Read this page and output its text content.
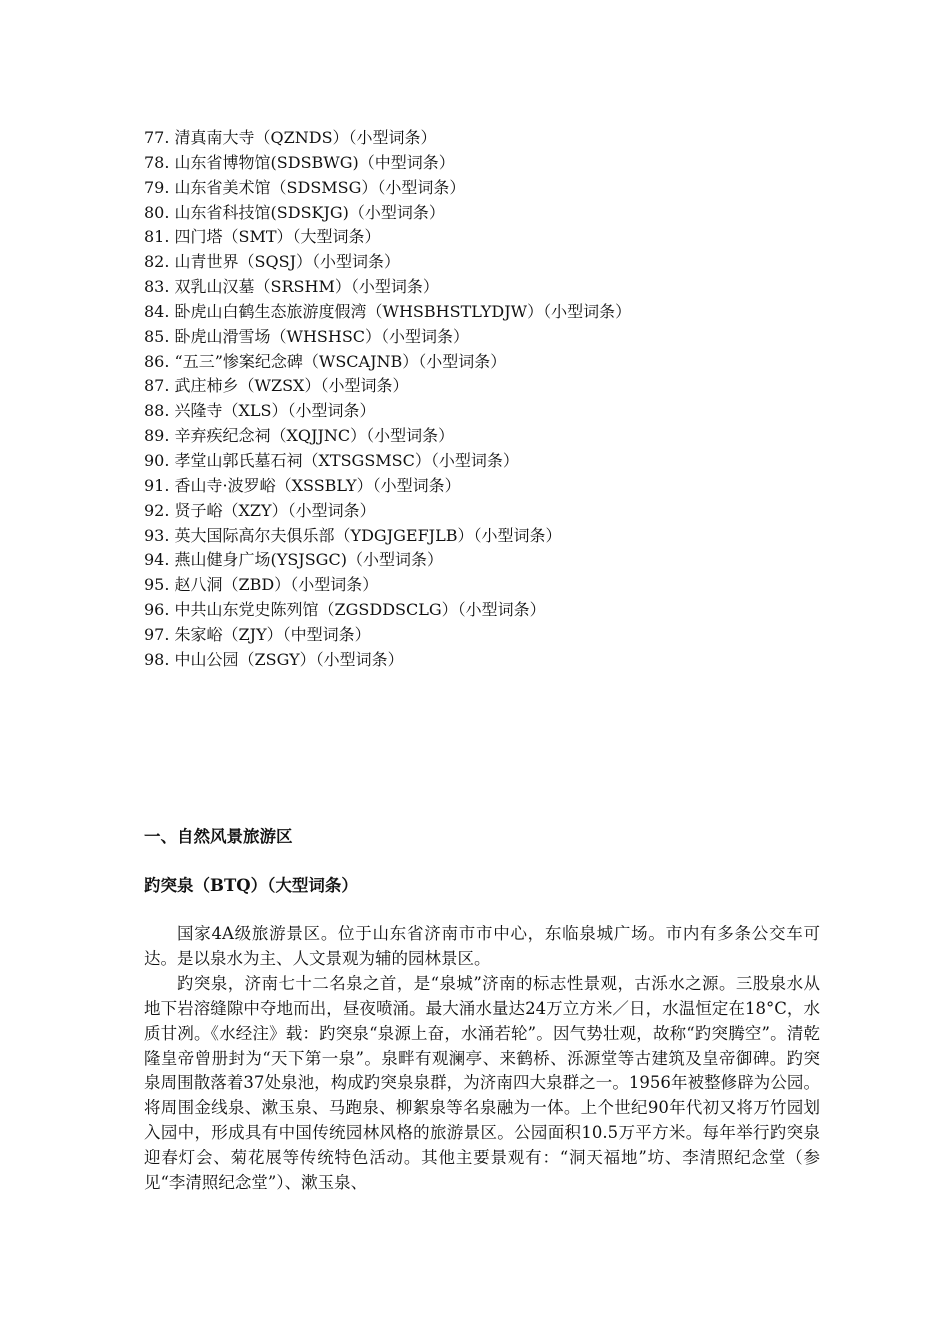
77. 清真南大寺（QZNDS）（小型词条）
78. 山东省博物馆(SDSBWG)（中型词条）
79. 山东省美术馆（SDSMSG）（小型词条）
80. 山东省科技馆(SDSKJG)（小型词条）
81. 四门塔（SMT）（大型词条）
82. 山青世界（SQSJ）（小型词条）
83. 双乳山汉墓（SRSHM）（小型词条）
84. 卧虎山白鹤生态旅游度假湾（WHSBHSTLYDJW）（小型词条）
85. 卧虎山滑雪场（WHSHSC）（小型词条）
86. “五三”惨案纪念碑（WSCAJNB）（小型词条）
87. 武庄柿乡（WZSX）（小型词条）
88. 兴隆寺（XLS）（小型词条）
89. 辛弃疾纪念祠（XQJJNC）（小型词条）
90. 孝堂山郭氏墓石祠（XTSGSMSC）（小型词条）
91. 香山寺·波罗峪（XSSBLY）（小型词条）
92. 贤子峪（XZY）（小型词条）
93. 英大国际高尔夫俱乐部（YDGJGEFJLB）（小型词条）
94. 燕山健身广场(YSJSGC)（小型词条）
95. 赵八洞（ZBD）（小型词条）
96. 中共山东党史陈列馆（ZGSDDSCLG）（小型词条）
97. 朱家峪（ZJY）（中型词条）
98. 中山公园（ZSGY）（小型词条）
一、自然风景旅游区
趵突泉（BTQ）（大型词条）

国家4A级旅游景区。位于山东省济南市市中心，东临泉城广场。市内有多条公交车可达。是以泉水为主、人文景观为辅的园林景区。

趵突泉，济南七十二名泉之首，是“泉城”济南的标志性景观，古泺水之源。三股泉水从地下岩溶缝隙中夺地而出，昼夜喷涌。最大涌水量达24万立方米／日，水温恒定在18°C，水质甘冽。《水经注》载：趵突泉“泉源上奋，水涌若轮”。因气势壮观，故称“趵突腾空”。清乾隆皇帝曾册封为“天下第一泉”。泉畔有观澜亭、来鹤桥、泺源堂等古建筑及皇帝御碑。趵突泉周围散落着37处泉池，构成趵突泉泉群，为济南四大泉群之一。1956年被整修辟为公园。将周围金线泉、漱玉泉、马跑泉、柳絮泉等名泉融为一体。上个世纪90年代初又将万竹园划入园中，形成具有中国传统园林风格的旅游景区。公园面积10.5万平方米。每年举行趵突泉迎春灯会、菊花展等传统特色活动。其他主要景观有：“洞天福地”坊、李清照纪念堂（参见“李清照纪念堂”）、漱玉泉、
